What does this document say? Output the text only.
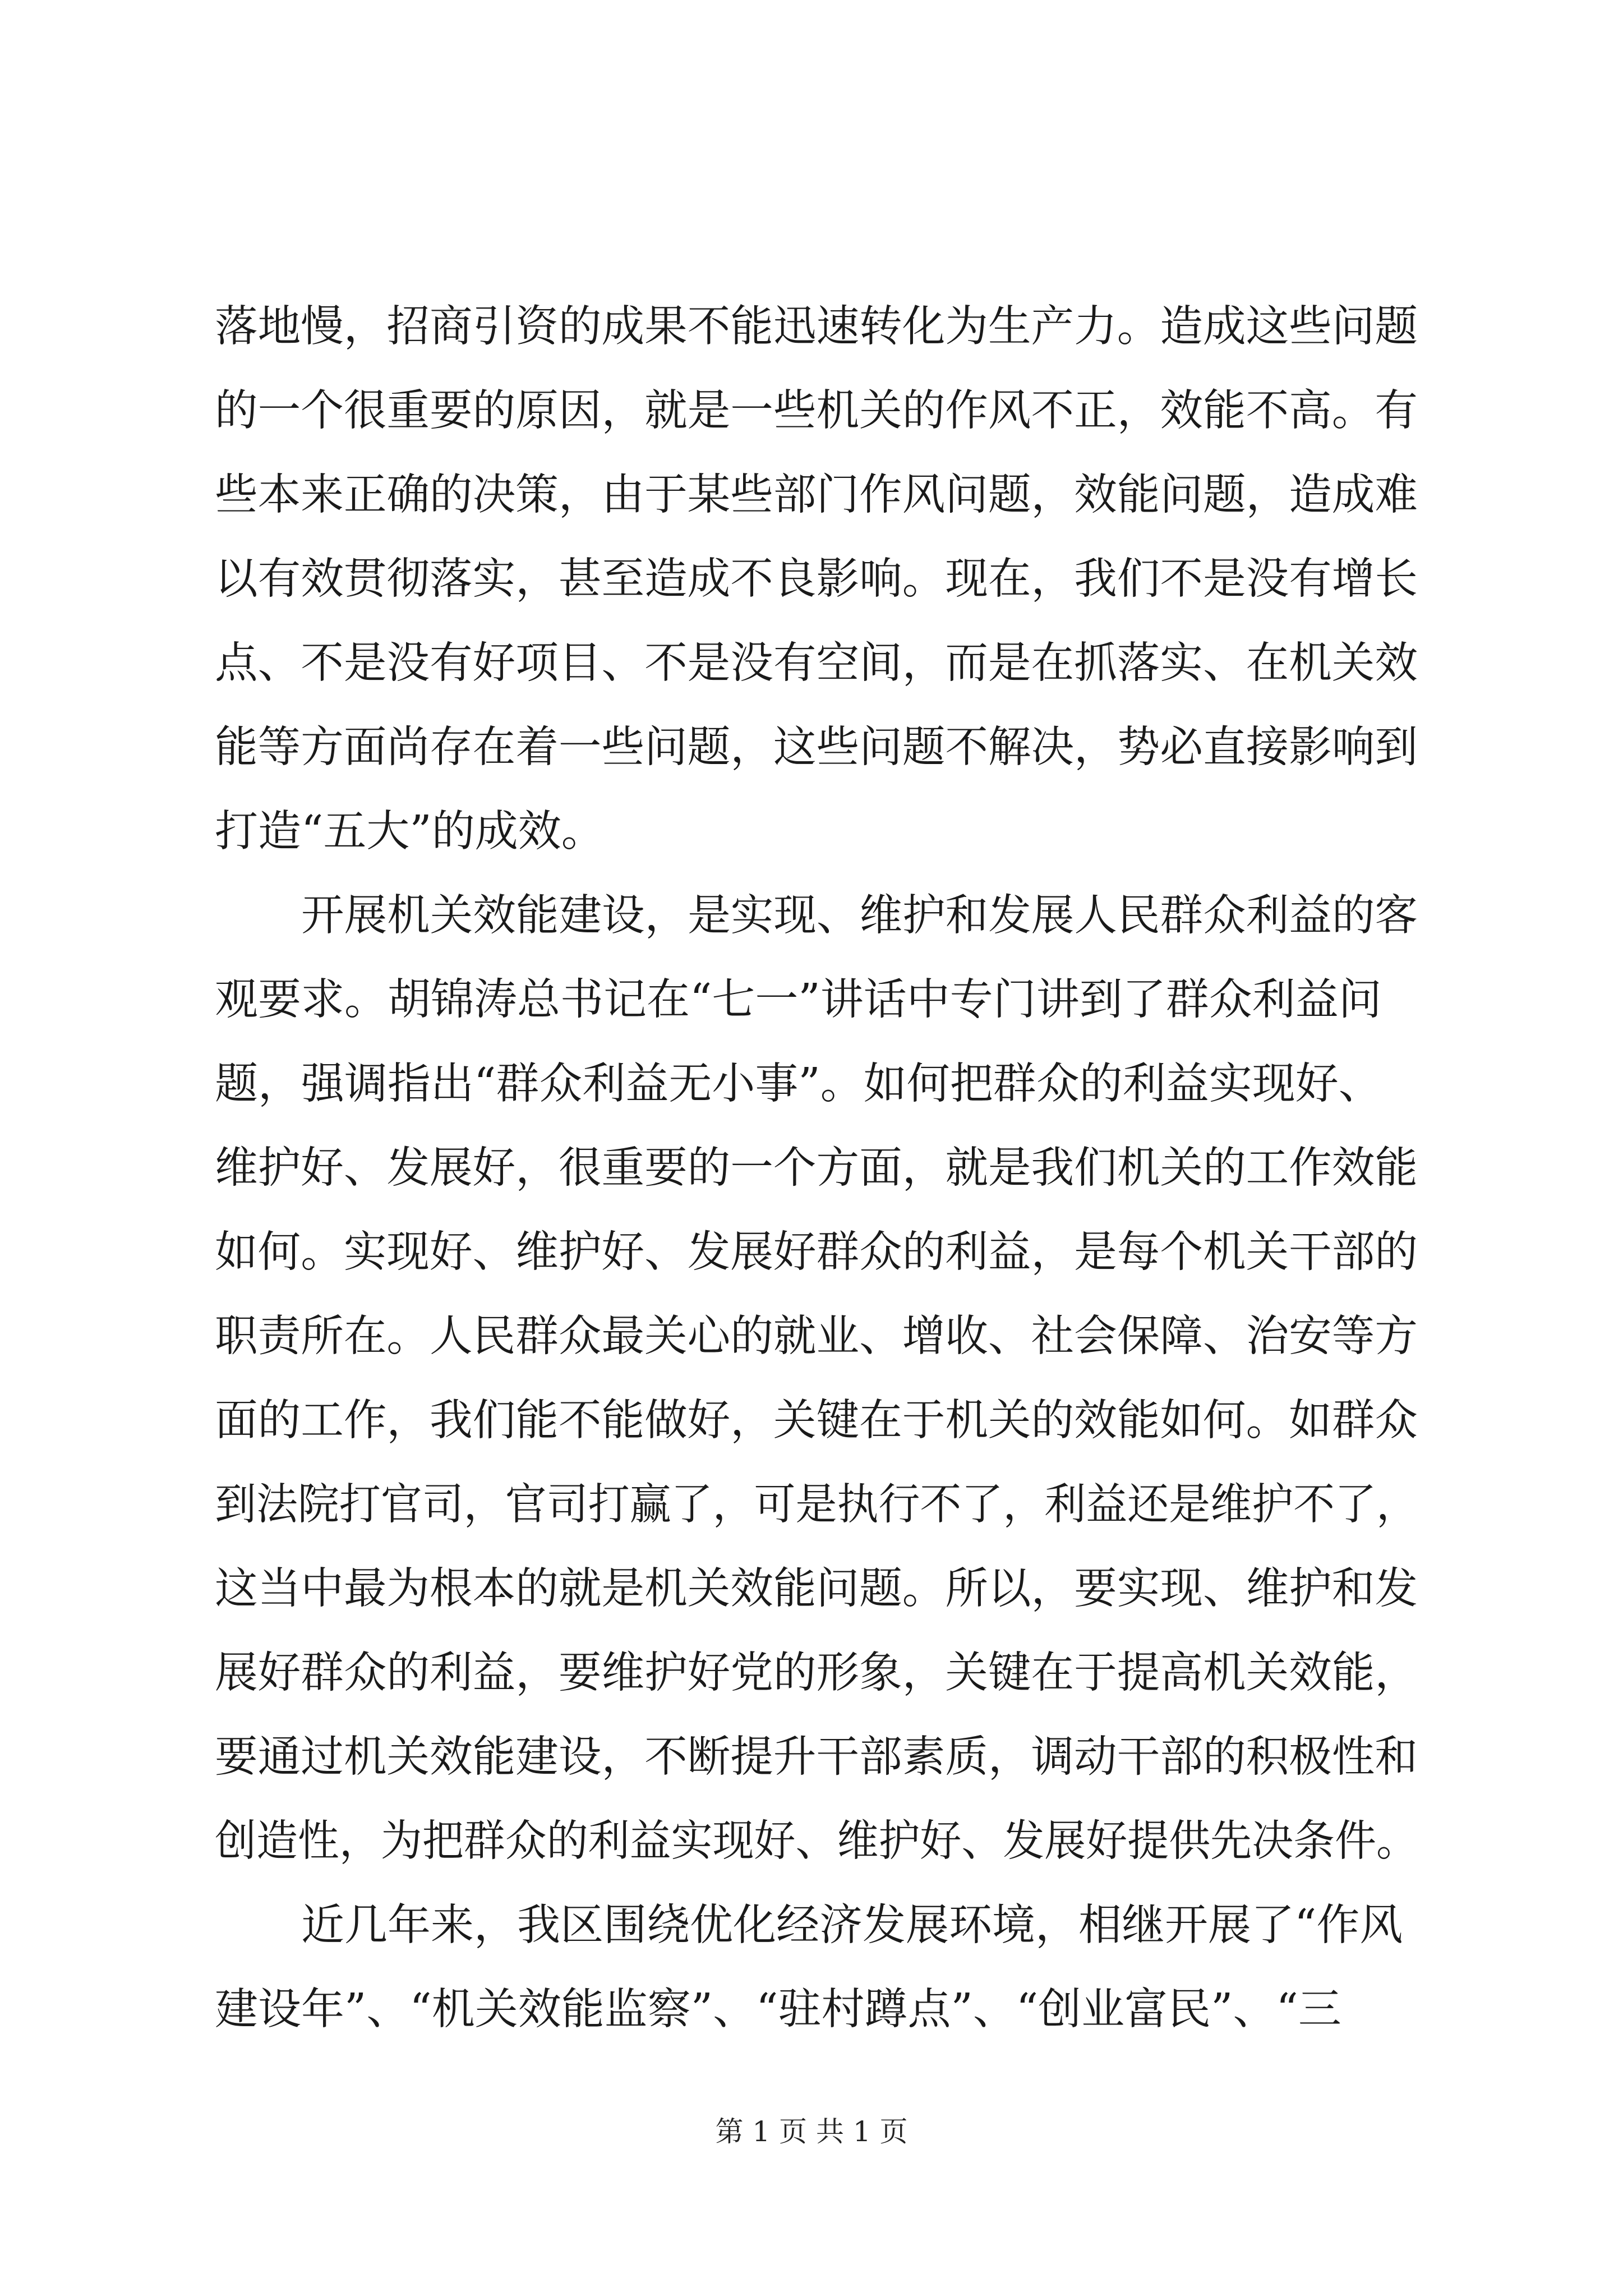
落地慢，招商引资的成果不能迅速转化为生产力。造成这些问题
的一个很重要的原因，就是一些机关的作风不正，效能不高。有
些本来正确的决策，由于某些部门作风问题，效能问题，造成难
以有效贯彻落实，甚至造成不良影响。现在，我们不是没有增长
点、不是没有好项目、不是没有空间，而是在抓落实、在机关效
能等方面尚存在着一些问题，这些问题不解决，势必直接影响到
打造“五大”的成效。
开展机关效能建设，是实现、维护和发展人民群众利益的客
观要求。胡锦涛总书记在“七一”讲话中专门讲到了群众利益问
题，强调指出“群众利益无小事”。如何把群众的利益实现好、
维护好、发展好，很重要的一个方面，就是我们机关的工作效能
如何。实现好、维护好、发展好群众的利益，是每个机关干部的
职责所在。人民群众最关心的就业、增收、社会保障、治安等方
面的工作，我们能不能做好，关键在于机关的效能如何。如群众
到法院打官司，官司打赢了，可是执行不了，利益还是维护不了，
这当中最为根本的就是机关效能问题。所以，要实现、维护和发
展好群众的利益，要维护好党的形象，关键在于提高机关效能，
要通过机关效能建设，不断提升干部素质，调动干部的积极性和
创造性，为把群众的利益实现好、维护好、发展好提供先决条件。
近几年来，我区围绕优化经济发展环境，相继开展了“作风
建设年”、“机关效能监察”、“驻村蹲点”、“创业富民”、“三
第 1 页 共 1 页
